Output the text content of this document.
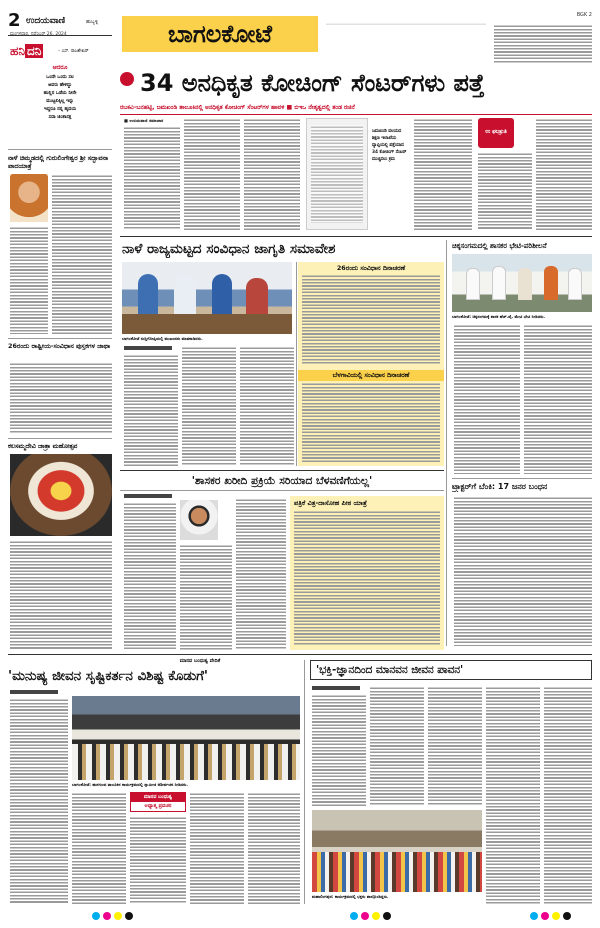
2 ಉದಯವಾಣಿ	ಹುಬ್ಬಳ್ಳಿ	ಬಾಗಲಕೋಟೆ
BGK 2
ಹನಿ ದನಿ	– ಎಸ್. ರಾಜಶೇಖರ್
ಆದರೂ
ಒಂದೇ ಒಂದು ಸಲ
ಅವರು ಹೇಳಿದ್ದು
ಹುಲ್ಲಿನ ಒಡೆಯ ನೀನೇ
ಮುಟ್ಟಲಿಕ್ಕಿಲ್ಲ ಇನ್ನು
ಇದ್ದರೂ ನನ್ನ ಹೃದಯ
ಸದಾ ಚಿಂತಾಸಕ್ತ
34 ಅನಧಿಕೃತ ಕೋಚಿಂಗ್ ಸೆಂಟರ್‌ಗಳು ಪತ್ತೆ
ರಬಕವಿ-ಬನಹಟ್ಟಿ, ಜಮಖಂಡಿ ತಾಲೂಕಿನಲ್ಲಿ ಅನಧಿಕೃತ ಕೋಚಿಂಗ್ ಸೆಂಟರ್‌ಗಳ ಹಾವಳಿ ■ ಬಿಇಒ ನೇತೃತ್ವದಲ್ಲಿ ತಂಡ ರಚನೆ
■ ಉದಯವಾಣಿ ಸಮಾಚಾರ
ಜಮಖಂಡಿ ವಲಯದ ಶಿಕ್ಷಣ ಇಲಾಖೆಯ ವ್ಯಾಪ್ತಿಯಲ್ಲಿ ಪತ್ತೆಯಾದ 34 ಕೋಚಿಂಗ್ ಸೆಂಟರ್ ಮುಚ್ಚಿಸಲು ಕ್ರಮ
ಉ ಫಲಶ್ರುತಿ
ನಾಳೆ ಚಿಮ್ಮಡದಲ್ಲಿ ಗುರುಲಿಂಗೇಶ್ವರ ಶ್ರೀ ಸದ್ಭಾವನಾ ಪಾದಯಾತ್ರೆ
26ರಂದು ರಾಷ್ಟ್ರೀಯ-ಸಂವಿಧಾನ ಪುಸ್ತಕಗಳ ಜಾಥಾ
ಕಲಸಮ್ಮದೇವಿ ಜಾತ್ರಾ ಮಹೋತ್ಸವ
ನಾಳೆ ರಾಜ್ಯಮಟ್ಟದ ಸಂವಿಧಾನ ಜಾಗೃತಿ ಸಮಾವೇಶ
ಬಾಗಲಕೋಟೆ ಸುದ್ದಿಗೋಷ್ಠಿಯಲ್ಲಿ ಮುಖಂಡರು ಮಾತನಾಡಿದರು.
26ರಂದು ಸಂವಿಧಾನ ದಿನಾಚರಣೆ
ಬೆಳಗಾವಿಯಲ್ಲಿ ಸಂವಿಧಾನ ದಿನಾಚರಣೆ
ಚಿಕ್ಕಸಂಗಮದಲ್ಲಿ ಶಾಸಕರ ಭೇಟಿ-ಪರಿಶೀಲನೆ
ಬಾಗಲಕೋಟೆ: ಚಿಕ್ಕಸಂಗಮಕ್ಕೆ ಶಾಸಕ ಹೆಚ್.ವೈ. ಮೇಟಿ ಭೇಟಿ ನೀಡಿದರು.
ಟ್ರ್ಯಾಕ್ಟರ್‌ಗೆ ಬೆಂಕಿ: 17 ಜನರ ಬಂಧನ
'ಶಾಸಕರ ಖರೀದಿ ಪ್ರಕ್ರಿಯೆ ಸರಿಯಾದ ಬೆಳವಣಿಗೆಯಲ್ಲ'
ಪತ್ರಿಕೆ ವಿತ್ರ-ದಾಸೋಹ ಪೀಠ ಯಾತ್ರೆ
ಮಾನವ ಬಂಧುತ್ವ ವೇದಿಕೆ
'ಮನುಷ್ಯ ಜೀವನ ಸೃಷ್ಟಿಕರ್ತನ ವಿಶಿಷ್ಟ ಕೊಡುಗೆ'
ಬಾಗಲಕೋಟೆ: ಹುನಗುಂದ ತಾಲೂಕಿನ ಕಾರ್ಯಕ್ರಮದಲ್ಲಿ ಸ್ವಾಮೀಜಿ ಆಶೀರ್ವಚನ ನೀಡಿದರು.
ಮಾನವ ಬಂಧುತ್ವ
ಅಧ್ಯಾತ್ಮ ಪ್ರವಚನ
'ಭಕ್ತಿ-ಜ್ಞಾನದಿಂದ ಮಾನವನ ಜೀವನ ಪಾವನ'
ಮಹಾಲಿಂಗಪುರ: ಕಾರ್ಯಕ್ರಮದಲ್ಲಿ ಭಕ್ತರು ಪಾಲ್ಗೊಂಡಿದ್ದರು.
